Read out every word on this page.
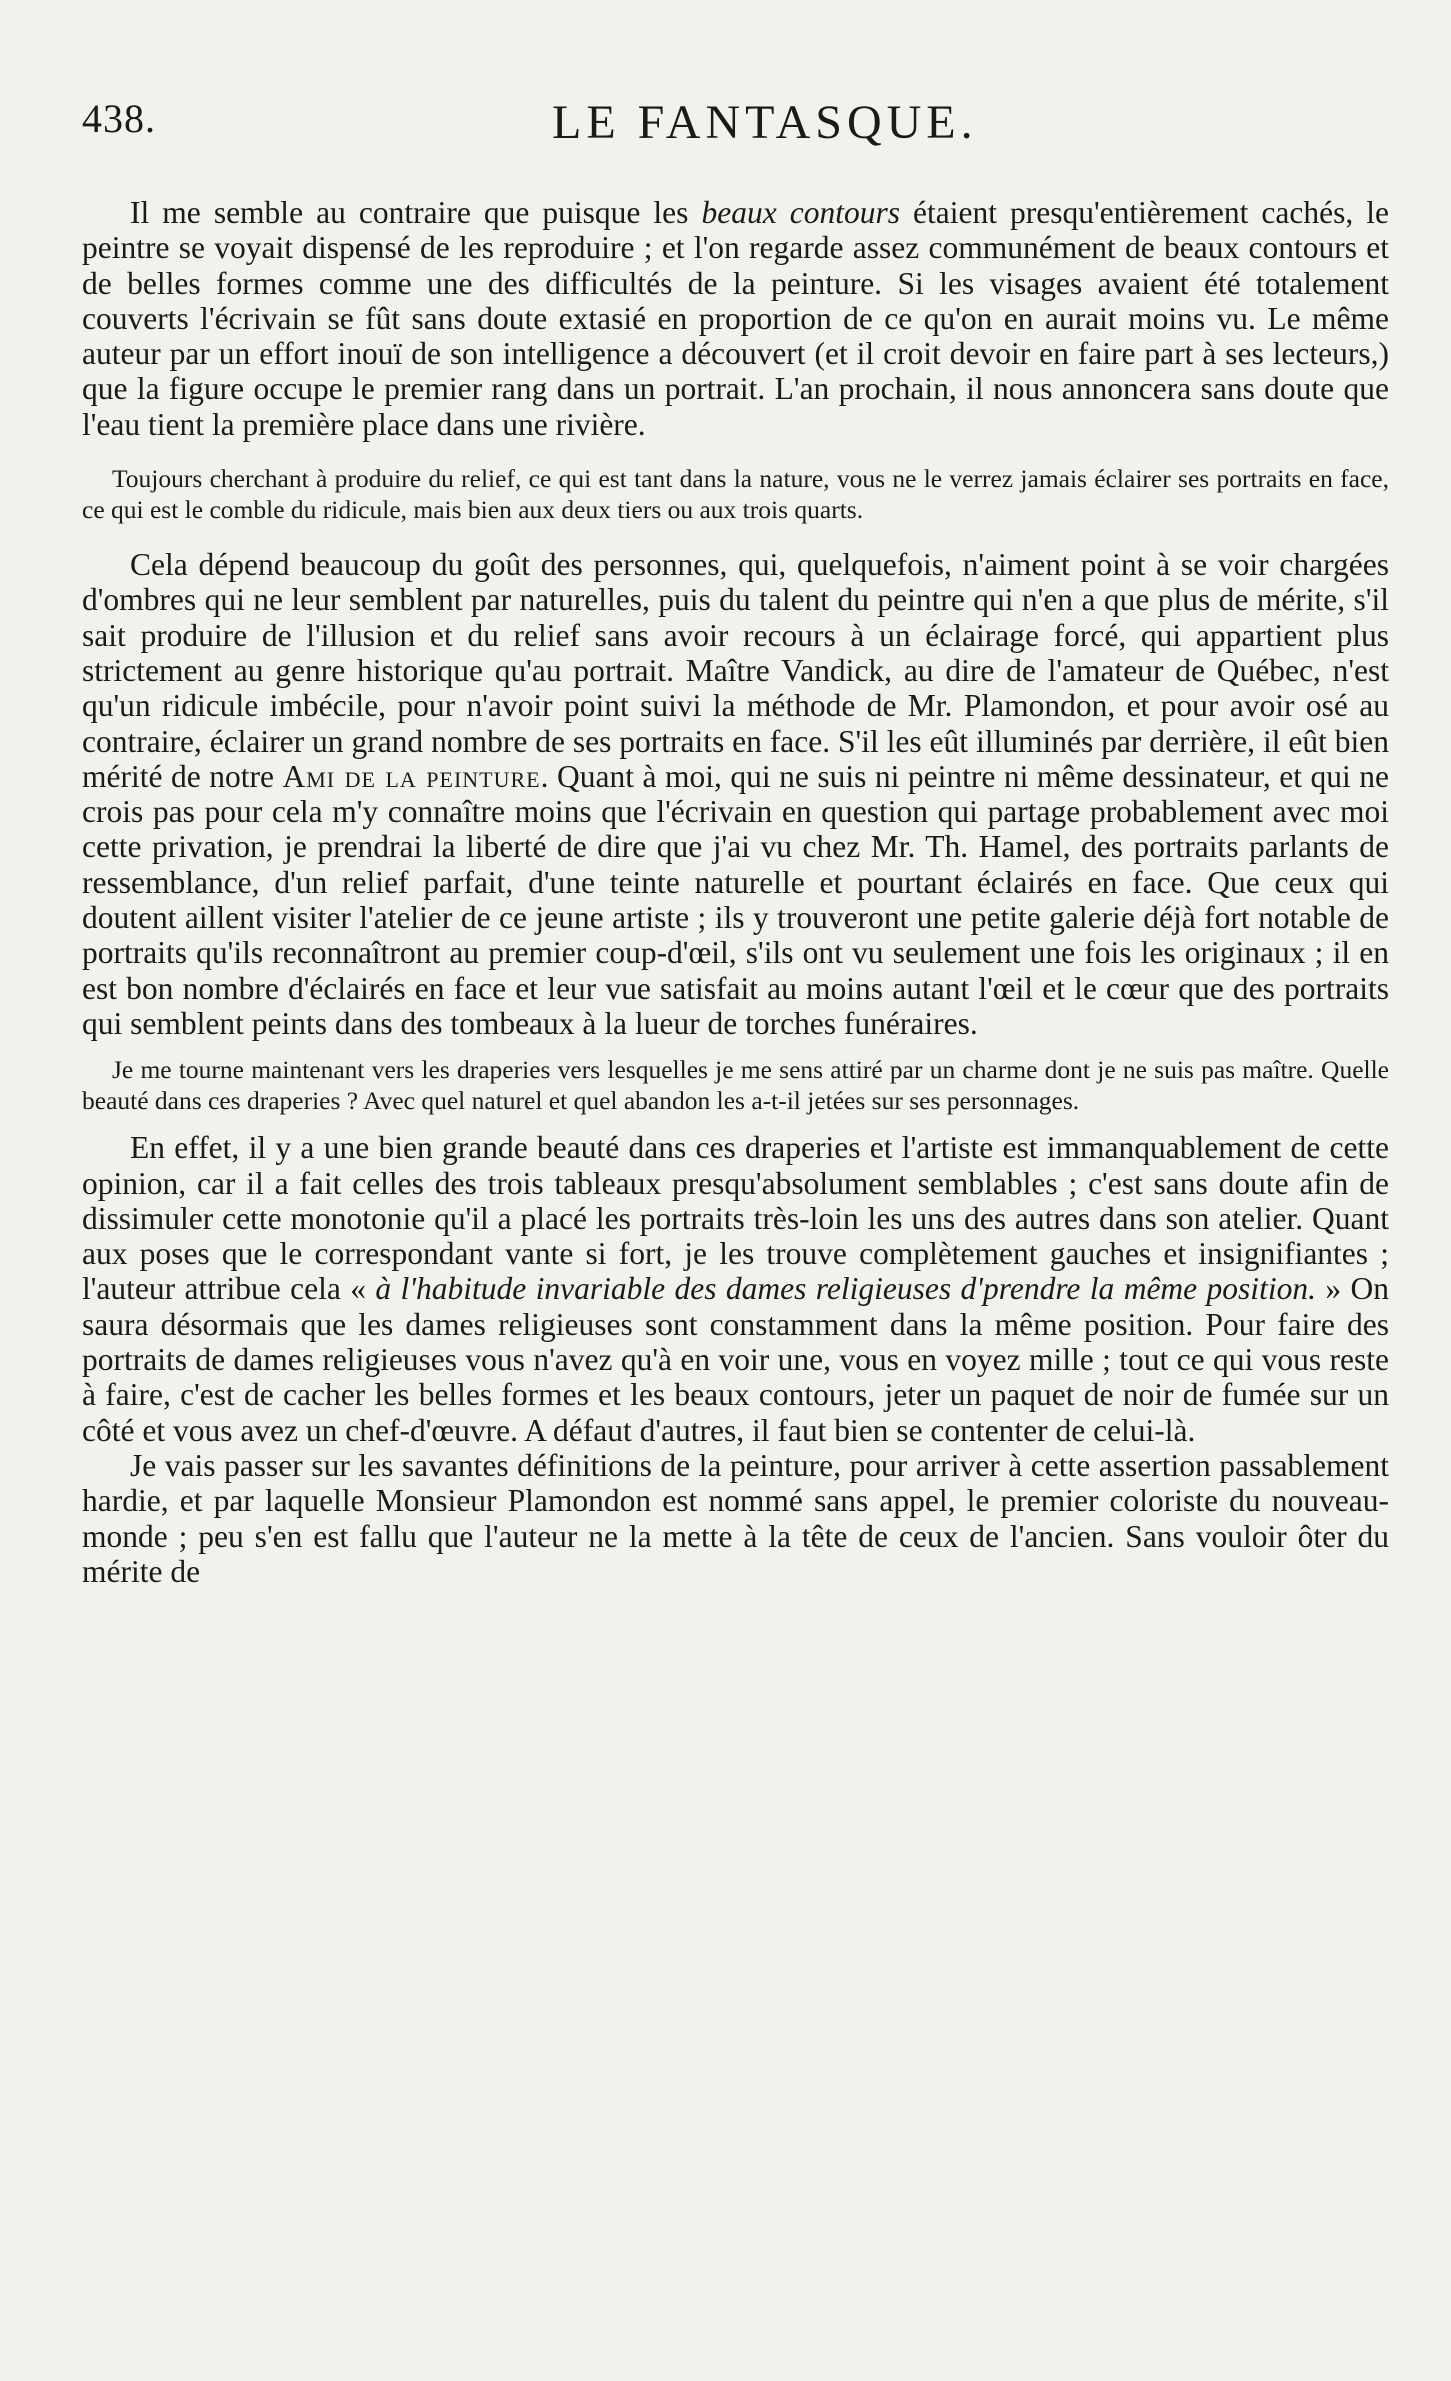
438.	LE FANTASQUE.

Il me semble au contraire que puisque les beaux contours étaient presqu'entièrement cachés, le peintre se voyait dispensé de les reproduire ; et l'on regarde assez communément de beaux contours et de belles formes comme une des difficultés de la peinture. Si les visages avaient été totalement couverts l'écrivain se fût sans doute extasié en proportion de ce qu'on en aurait moins vu. Le même auteur par un effort inouï de son intelligence a découvert (et il croit devoir en faire part à ses lecteurs,) que la figure occupe le premier rang dans un portrait. L'an prochain, il nous annoncera sans doute que l'eau tient la première place dans une rivière.

Toujours cherchant à produire du relief, ce qui est tant dans la nature, vous ne le verrez jamais éclairer ses portraits en face, ce qui est le comble du ridicule, mais bien aux deux tiers ou aux trois quarts.

Cela dépend beaucoup du goût des personnes, qui, quelquefois, n'aiment point à se voir chargées d'ombres qui ne leur semblent par naturelles, puis du talent du peintre qui n'en a que plus de mérite, s'il sait produire de l'illusion et du relief sans avoir recours à un éclairage forcé, qui appartient plus strictement au genre historique qu'au portrait. Maître Vandick, au dire de l'amateur de Québec, n'est qu'un ridicule imbécile, pour n'avoir point suivi la méthode de Mr. Plamondon, et pour avoir osé au contraire, éclairer un grand nombre de ses portraits en face. S'il les eût illuminés par derrière, il eût bien mérité de notre Ami de la peinture. Quant à moi, qui ne suis ni peintre ni même dessinateur, et qui ne crois pas pour cela m'y connaître moins que l'écrivain en question qui partage probablement avec moi cette privation, je prendrai la liberté de dire que j'ai vu chez Mr. Th. Hamel, des portraits parlants de ressemblance, d'un relief parfait, d'une teinte naturelle et pourtant éclairés en face. Que ceux qui doutent aillent visiter l'atelier de ce jeune artiste ; ils y trouveront une petite galerie déjà fort notable de portraits qu'ils reconnaîtront au premier coup-d'œil, s'ils ont vu seulement une fois les originaux ; il en est bon nombre d'éclairés en face et leur vue satisfait au moins autant l'œil et le cœur que des portraits qui semblent peints dans des tombeaux à la lueur de torches funéraires.

Je me tourne maintenant vers les draperies vers lesquelles je me sens attiré par un charme dont je ne suis pas maître. Quelle beauté dans ces draperies ? Avec quel naturel et quel abandon les a-t-il jetées sur ses personnages.

En effet, il y a une bien grande beauté dans ces draperies et l'artiste est immanquablement de cette opinion, car il a fait celles des trois tableaux presqu'absolument semblables ; c'est sans doute afin de dissimuler cette monotonie qu'il a placé les portraits très-loin les uns des autres dans son atelier. Quant aux poses que le correspondant vante si fort, je les trouve complètement gauches et insignifiantes ; l'auteur attribue cela « à l'habitude invariable des dames religieuses d'prendre la même position. » On saura désormais que les dames religieuses sont constamment dans la même position. Pour faire des portraits de dames religieuses vous n'avez qu'à en voir une, vous en voyez mille ; tout ce qui vous reste à faire, c'est de cacher les belles formes et les beaux contours, jeter un paquet de noir de fumée sur un côté et vous avez un chef-d'œuvre. A défaut d'autres, il faut bien se contenter de celui-là.

Je vais passer sur les savantes définitions de la peinture, pour arriver à cette assertion passablement hardie, et par laquelle Monsieur Plamondon est nommé sans appel, le premier coloriste du nouveau-monde ; peu s'en est fallu que l'auteur ne la mette à la tête de ceux de l'ancien. Sans vouloir ôter du mérite de
